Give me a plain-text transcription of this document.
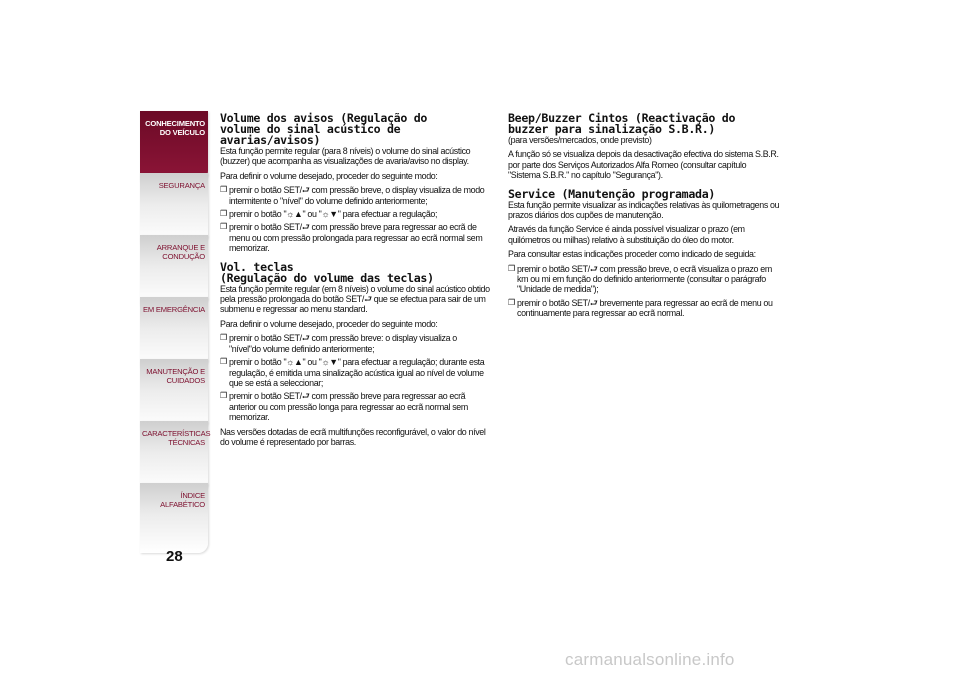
CONHECIMENTO DO VEÍCULO
SEGURANÇA
ARRANQUE E CONDUÇÃO
EM EMERGÊNCIA
MANUTENÇÃO E CUIDADOS
CARACTERÍSTICAS TÉCNICAS
ÍNDICE ALFABÉTICO
28
Volume dos avisos (Regulação do
volume do sinal acústico de
avarias/avisos)

Esta função permite regular (para 8 níveis) o volume do sinal acústico (buzzer) que acompanha as visualizações de avaria/aviso no display.

Para definir o volume desejado, proceder do seguinte modo:

❒ premir o botão SET/⮐ com pressão breve, o display visualiza de modo intermitente o "nível" do volume definido anteriormente;
❒ premir o botão "☼▲" ou "☼▼" para efectuar a regulação;
❒ premir o botão SET/⮐ com pressão breve para regressar ao ecrã de menu ou com pressão prolongada para regressar ao ecrã normal sem memorizar.
Vol. teclas
(Regulação do volume das teclas)

Esta função permite regular (em 8 níveis) o volume do sinal acústico obtido pela pressão prolongada do botão SET/⮐ que se efectua para sair de um submenu e regressar ao menu standard.

Para definir o volume desejado, proceder do seguinte modo:

❒ premir o botão SET/⮐ com pressão breve: o display visualiza o "nível"do volume definido anteriormente;
❒ premir o botão "☼▲" ou "☼▼" para efectuar a regulação; durante esta regulação, é emitida uma sinalização acústica igual ao nível de volume que se está a seleccionar;
❒ premir o botão SET/⮐ com pressão breve para regressar ao ecrã anterior ou com pressão longa para regressar ao ecrã normal sem memorizar.

Nas versões dotadas de ecrã multifunções reconfigurável, o valor do nível do volume é representado por barras.

Beep/Buzzer Cintos (Reactivação do
buzzer para sinalização S.B.R.)

(para versões/mercados, onde previsto)

A função só se visualiza depois da desactivação efectiva do sistema S.B.R. por parte dos Serviços Autorizados Alfa Romeo (consultar capítulo "Sistema S.B.R." no capítulo "Segurança").

Service (Manutenção programada)

Esta função permite visualizar as indicações relativas às quilometragens ou prazos diários dos cupões de manutenção.

Através da função Service é ainda possível visualizar o prazo (em quilómetros ou milhas) relativo à substituição do óleo do motor.

Para consultar estas indicações proceder como indicado de seguida:

❒ premir o botão SET/⮐ com pressão breve, o ecrã visualiza o prazo em km ou mi em função do definido anteriormente (consultar o parágrafo "Unidade de medida");
❒ premir o botão SET/⮐ brevemente para regressar ao ecrã de menu ou continuamente para regressar ao ecrã normal.
carmanualsonline.info
